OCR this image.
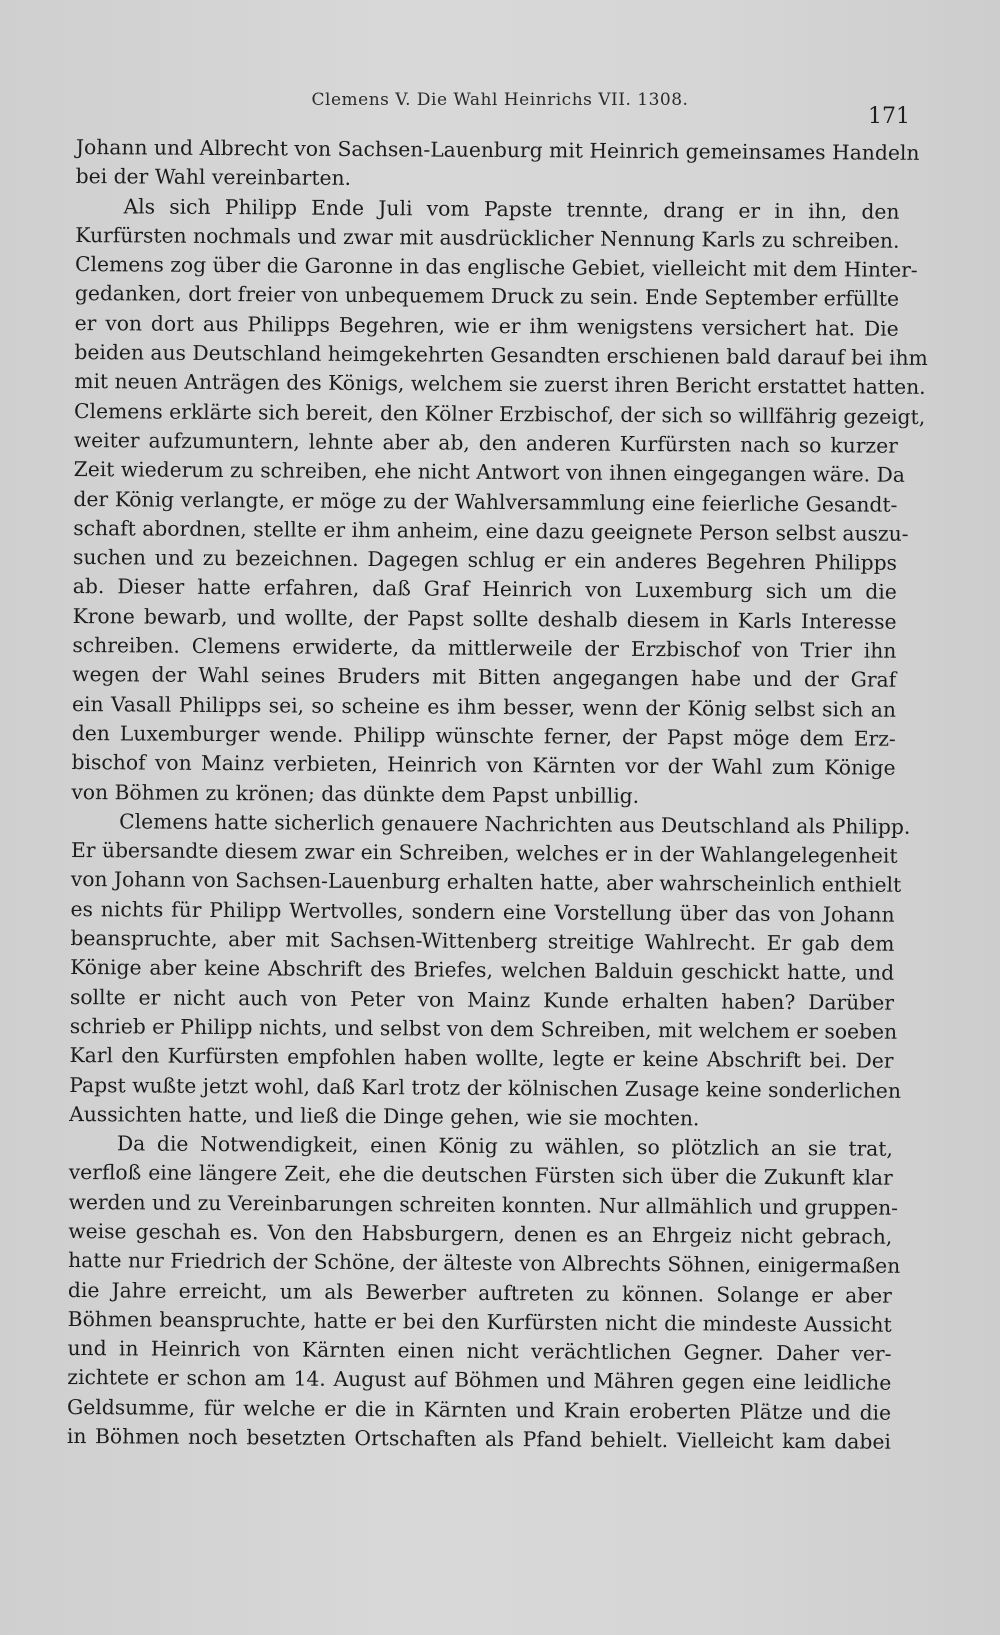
Clemens V. Die Wahl Heinrichs VII. 1308.
171
Johann und Albrecht von Sachsen-Lauenburg mit Heinrich gemeinsames Handeln
bei der Wahl vereinbarten.
Als sich Philipp Ende Juli vom Papste trennte, drang er in ihn, den
Kurfürsten nochmals und zwar mit ausdrücklicher Nennung Karls zu schreiben.
Clemens zog über die Garonne in das englische Gebiet, vielleicht mit dem Hinter-
gedanken, dort freier von unbequemem Druck zu sein. Ende September erfüllte
er von dort aus Philipps Begehren, wie er ihm wenigstens versichert hat. Die
beiden aus Deutschland heimgekehrten Gesandten erschienen bald darauf bei ihm
mit neuen Anträgen des Königs, welchem sie zuerst ihren Bericht erstattet hatten.
Clemens erklärte sich bereit, den Kölner Erzbischof, der sich so willfährig gezeigt,
weiter aufzumuntern, lehnte aber ab, den anderen Kurfürsten nach so kurzer
Zeit wiederum zu schreiben, ehe nicht Antwort von ihnen eingegangen wäre. Da
der König verlangte, er möge zu der Wahlversammlung eine feierliche Gesandt-
schaft abordnen, stellte er ihm anheim, eine dazu geeignete Person selbst auszu-
suchen und zu bezeichnen. Dagegen schlug er ein anderes Begehren Philipps
ab. Dieser hatte erfahren, daß Graf Heinrich von Luxemburg sich um die
Krone bewarb, und wollte, der Papst sollte deshalb diesem in Karls Interesse
schreiben. Clemens erwiderte, da mittlerweile der Erzbischof von Trier ihn
wegen der Wahl seines Bruders mit Bitten angegangen habe und der Graf
ein Vasall Philipps sei, so scheine es ihm besser, wenn der König selbst sich an
den Luxemburger wende. Philipp wünschte ferner, der Papst möge dem Erz-
bischof von Mainz verbieten, Heinrich von Kärnten vor der Wahl zum Könige
von Böhmen zu krönen; das dünkte dem Papst unbillig.
Clemens hatte sicherlich genauere Nachrichten aus Deutschland als Philipp.
Er übersandte diesem zwar ein Schreiben, welches er in der Wahlangelegenheit
von Johann von Sachsen-Lauenburg erhalten hatte, aber wahrscheinlich enthielt
es nichts für Philipp Wertvolles, sondern eine Vorstellung über das von Johann
beanspruchte, aber mit Sachsen-Wittenberg streitige Wahlrecht. Er gab dem
Könige aber keine Abschrift des Briefes, welchen Balduin geschickt hatte, und
sollte er nicht auch von Peter von Mainz Kunde erhalten haben? Darüber
schrieb er Philipp nichts, und selbst von dem Schreiben, mit welchem er soeben
Karl den Kurfürsten empfohlen haben wollte, legte er keine Abschrift bei. Der
Papst wußte jetzt wohl, daß Karl trotz der kölnischen Zusage keine sonderlichen
Aussichten hatte, und ließ die Dinge gehen, wie sie mochten.
Da die Notwendigkeit, einen König zu wählen, so plötzlich an sie trat,
verfloß eine längere Zeit, ehe die deutschen Fürsten sich über die Zukunft klar
werden und zu Vereinbarungen schreiten konnten. Nur allmählich und gruppen-
weise geschah es. Von den Habsburgern, denen es an Ehrgeiz nicht gebrach,
hatte nur Friedrich der Schöne, der älteste von Albrechts Söhnen, einigermaßen
die Jahre erreicht, um als Bewerber auftreten zu können. Solange er aber
Böhmen beanspruchte, hatte er bei den Kurfürsten nicht die mindeste Aussicht
und in Heinrich von Kärnten einen nicht verächtlichen Gegner. Daher ver-
zichtete er schon am 14. August auf Böhmen und Mähren gegen eine leidliche
Geldsumme, für welche er die in Kärnten und Krain eroberten Plätze und die
in Böhmen noch besetzten Ortschaften als Pfand behielt. Vielleicht kam dabei
